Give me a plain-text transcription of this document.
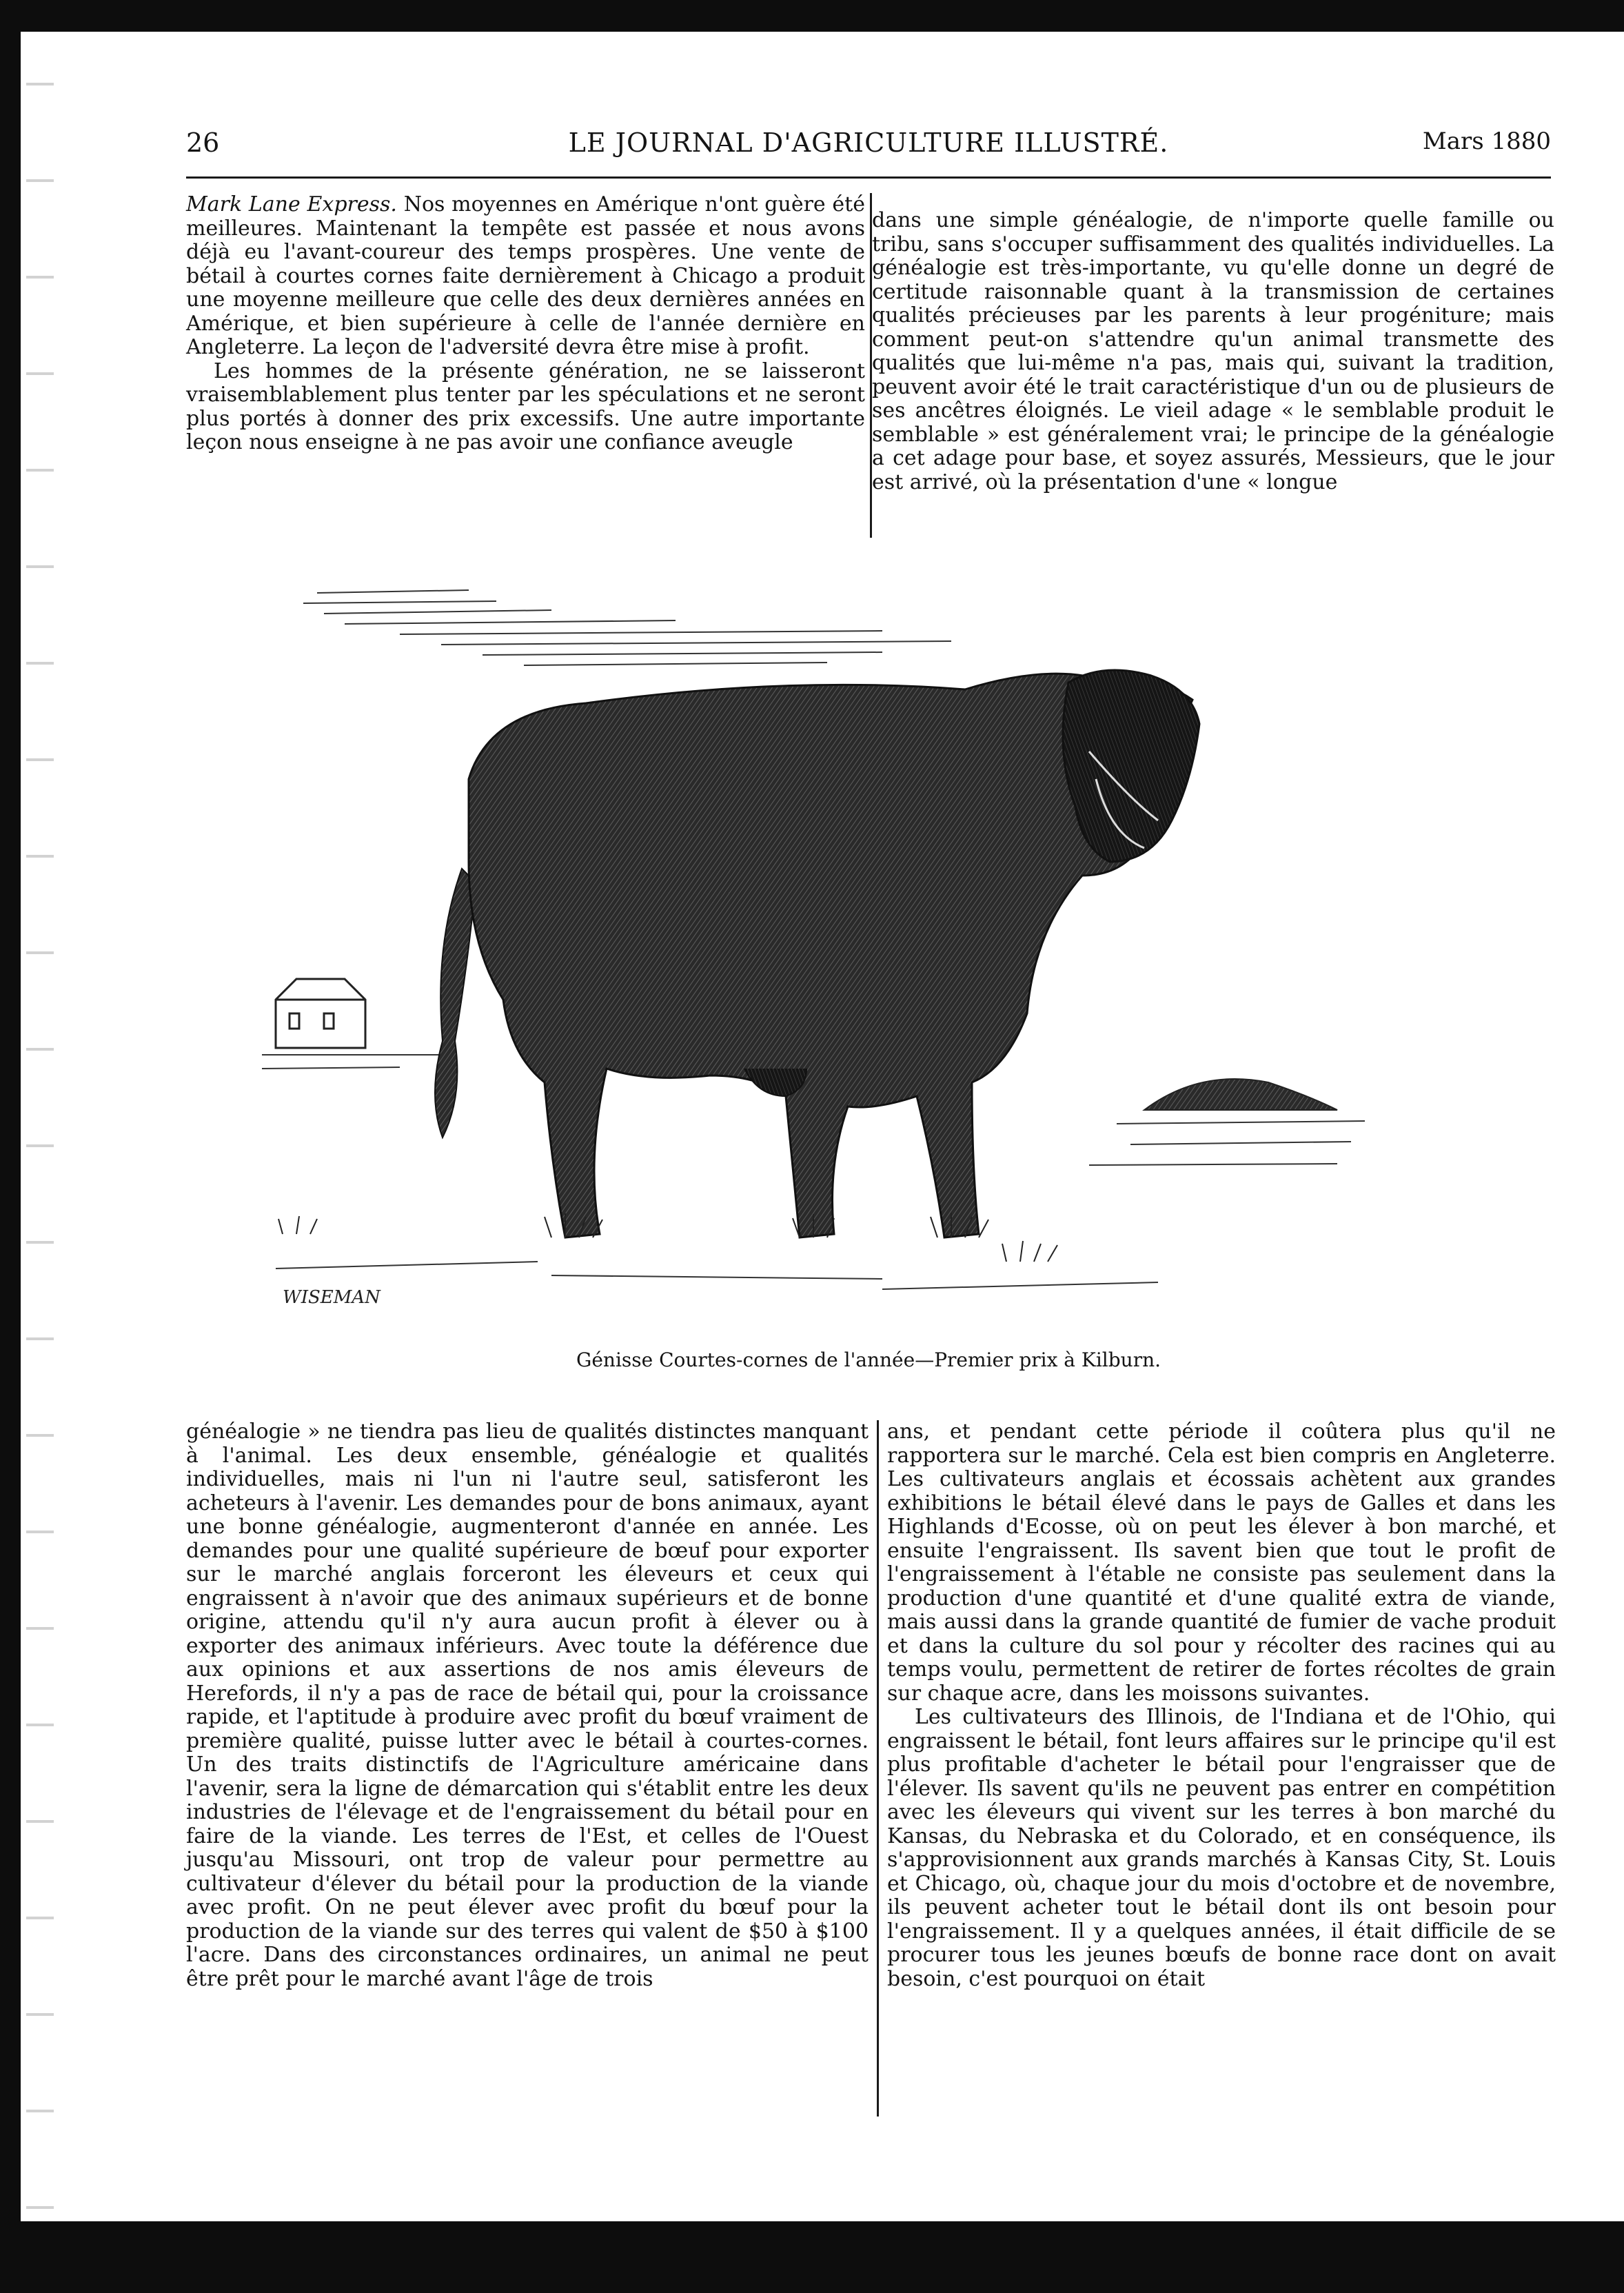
26	LE JOURNAL D'AGRICULTURE ILLUSTRÉ.	Mars 1880

Mark Lane Express. Nos moyennes en Amérique n'ont guère été meilleures. Maintenant la tempête est passée et nous avons déjà eu l'avant-coureur des temps prospères. Une vente de bétail à courtes cornes faite dernièrement à Chicago a produit une moyenne meilleure que celle des deux dernières années en Amérique, et bien supérieure à celle de l'année dernière en Angleterre. La leçon de l'adversité devra être mise à profit.

Les hommes de la présente génération, ne se laisseront vraisemblablement plus tenter par les spéculations et ne seront plus portés à donner des prix excessifs. Une autre importante leçon nous enseigne à ne pas avoir une confiance aveugle

dans une simple généalogie, de n'importe quelle famille ou tribu, sans s'occuper suffisamment des qualités individuelles. La généalogie est très-importante, vu qu'elle donne un degré de certitude raisonnable quant à la transmission de certaines qualités précieuses par les parents à leur progéniture; mais comment peut-on s'attendre qu'un animal transmette des qualités que lui-même n'a pas, mais qui, suivant la tradition, peuvent avoir été le trait caractéristique d'un ou de plusieurs de ses ancêtres éloignés. Le vieil adage « le semblable produit le semblable » est généralement vrai; le principe de la généalogie a cet adage pour base, et soyez assurés, Messieurs, que le jour est arrivé, où la présentation d'une « longue

WISEMAN
Génisse Courtes-cornes de l'année—Premier prix à Kilburn.

généalogie » ne tiendra pas lieu de qualités distinctes manquant à l'animal. Les deux ensemble, généalogie et qualités individuelles, mais ni l'un ni l'autre seul, satisferont les acheteurs à l'avenir. Les demandes pour de bons animaux, ayant une bonne généalogie, augmenteront d'année en année. Les demandes pour une qualité supérieure de bœuf pour exporter sur le marché anglais forceront les éleveurs et ceux qui engraissent à n'avoir que des animaux supérieurs et de bonne origine, attendu qu'il n'y aura aucun profit à élever ou à exporter des animaux inférieurs. Avec toute la déférence due aux opinions et aux assertions de nos amis éleveurs de Herefords, il n'y a pas de race de bétail qui, pour la croissance rapide, et l'aptitude à produire avec profit du bœuf vraiment de première qualité, puisse lutter avec le bétail à courtes-cornes. Un des traits distinctifs de l'Agriculture américaine dans l'avenir, sera la ligne de démarcation qui s'établit entre les deux industries de l'élevage et de l'engraissement du bétail pour en faire de la viande. Les terres de l'Est, et celles de l'Ouest jusqu'au Missouri, ont trop de valeur pour permettre au cultivateur d'élever du bétail pour la production de la viande avec profit. On ne peut élever avec profit du bœuf pour la production de la viande sur des terres qui valent de $50 à $100 l'acre. Dans des circonstances ordinaires, un animal ne peut être prêt pour le marché avant l'âge de trois

ans, et pendant cette période il coûtera plus qu'il ne rapportera sur le marché. Cela est bien compris en Angleterre. Les cultivateurs anglais et écossais achètent aux grandes exhibitions le bétail élevé dans le pays de Galles et dans les Highlands d'Ecosse, où on peut les élever à bon marché, et ensuite l'engraissent. Ils savent bien que tout le profit de l'engraissement à l'étable ne consiste pas seulement dans la production d'une quantité et d'une qualité extra de viande, mais aussi dans la grande quantité de fumier de vache produit et dans la culture du sol pour y récolter des racines qui au temps voulu, permettent de retirer de fortes récoltes de grain sur chaque acre, dans les moissons suivantes.

Les cultivateurs des Illinois, de l'Indiana et de l'Ohio, qui engraissent le bétail, font leurs affaires sur le principe qu'il est plus profitable d'acheter le bétail pour l'engraisser que de l'élever. Ils savent qu'ils ne peuvent pas entrer en compétition avec les éleveurs qui vivent sur les terres à bon marché du Kansas, du Nebraska et du Colorado, et en conséquence, ils s'approvisionnent aux grands marchés à Kansas City, St. Louis et Chicago, où, chaque jour du mois d'octobre et de novembre, ils peuvent acheter tout le bétail dont ils ont besoin pour l'engraissement. Il y a quelques années, il était difficile de se procurer tous les jeunes bœufs de bonne race dont on avait besoin, c'est pourquoi on était
